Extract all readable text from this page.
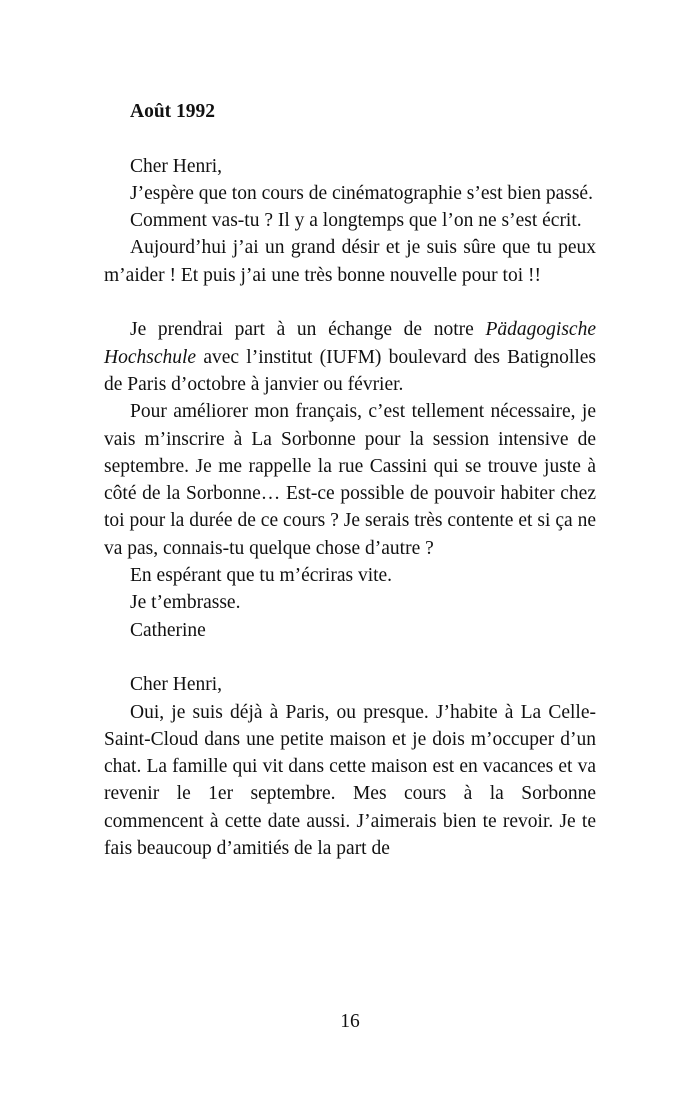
Août 1992

Cher Henri,

J’espère que ton cours de cinématographie s’est bien passé.

Comment vas-tu ? Il y a longtemps que l’on ne s’est écrit.

Aujourd’hui j’ai un grand désir et je suis sûre que tu peux m’aider ! Et puis j’ai une très bonne nouvelle pour toi !!

Je prendrai part à un échange de notre Pädagogische Hochschule avec l’institut (IUFM) boulevard des Batignolles de Paris d’octobre à janvier ou février.

Pour améliorer mon français, c’est tellement nécessaire, je vais m’inscrire à La Sorbonne pour la session intensive de septembre. Je me rappelle la rue Cassini qui se trouve juste à côté de la Sorbonne… Est-ce possible de pouvoir habiter chez toi pour la durée de ce cours ? Je serais très contente et si ça ne va pas, connais-tu quelque chose d’autre ?

En espérant que tu m’écriras vite.

Je t’embrasse.

Catherine

Cher Henri,

Oui, je suis déjà à Paris, ou presque. J’habite à La Celle-Saint-Cloud dans une petite maison et je dois m’occuper d’un chat. La famille qui vit dans cette maison est en vacances et va revenir le 1er septembre. Mes cours à la Sorbonne commencent à cette date aussi. J’aimerais bien te revoir. Je te fais beaucoup d’amitiés de la part de

16
